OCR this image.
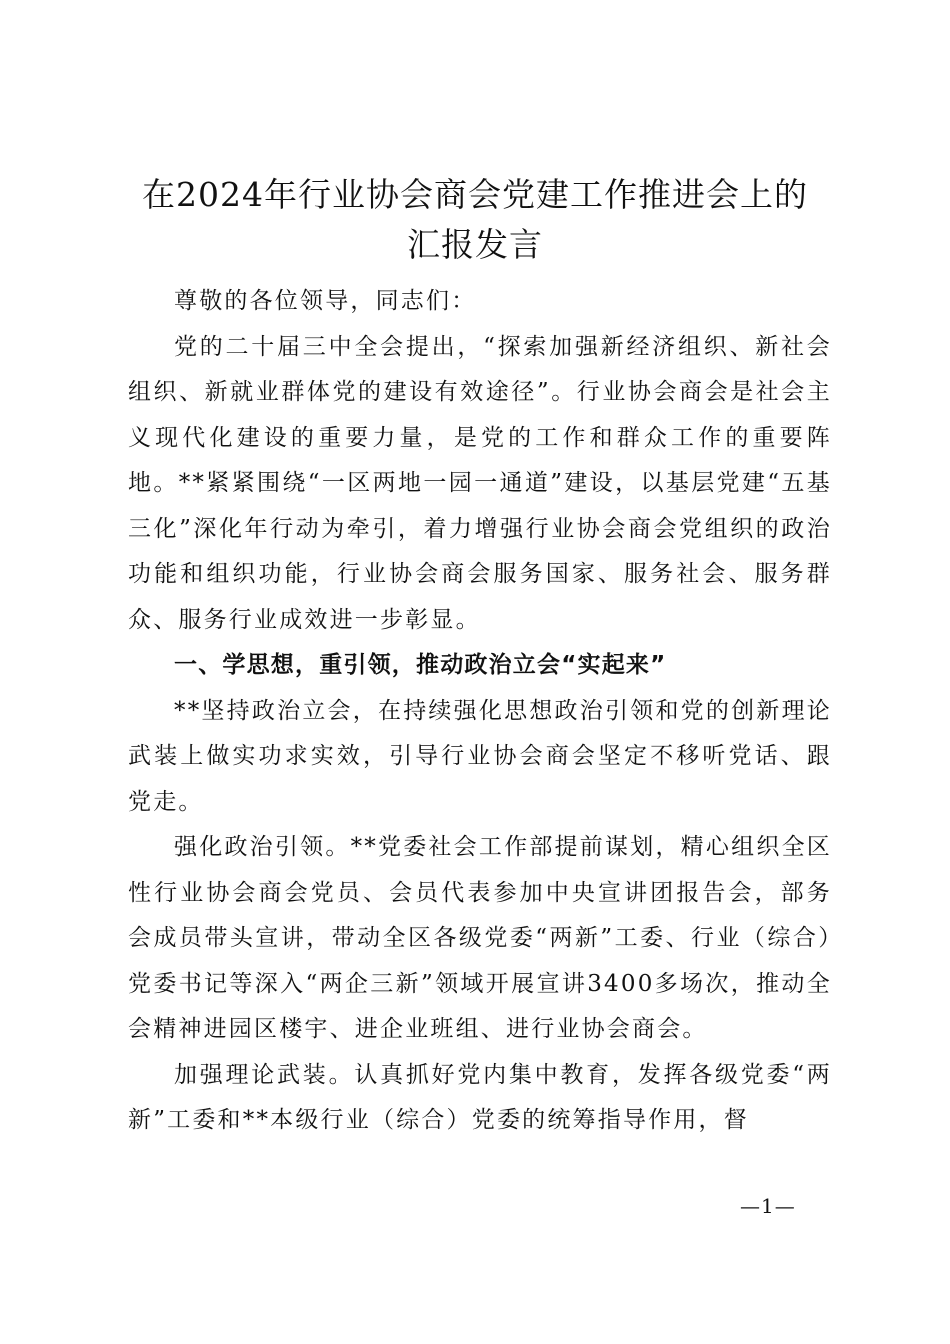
在2024年行业协会商会党建工作推进会上的
汇报发言

尊敬的各位领导，同志们：

党的二十届三中全会提出，“探索加强新经济组织、新社会组织、新就业群体党的建设有效途径”。行业协会商会是社会主义现代化建设的重要力量，是党的工作和群众工作的重要阵地。**紧紧围绕“一区两地一园一通道”建设，以基层党建“五基三化”深化年行动为牵引，着力增强行业协会商会党组织的政治功能和组织功能，行业协会商会服务国家、服务社会、服务群众、服务行业成效进一步彰显。

一、学思想，重引领，推动政治立会“实起来”

**坚持政治立会，在持续强化思想政治引领和党的创新理论武装上做实功求实效，引导行业协会商会坚定不移听党话、跟党走。

强化政治引领。**党委社会工作部提前谋划，精心组织全区性行业协会商会党员、会员代表参加中央宣讲团报告会，部务会成员带头宣讲，带动全区各级党委“两新”工委、行业（综合）党委书记等深入“两企三新”领域开展宣讲3400多场次，推动全会精神进园区楼宇、进企业班组、进行业协会商会。

加强理论武装。认真抓好党内集中教育，发挥各级党委“两新”工委和**本级行业（综合）党委的统筹指导作用，督

—1—
